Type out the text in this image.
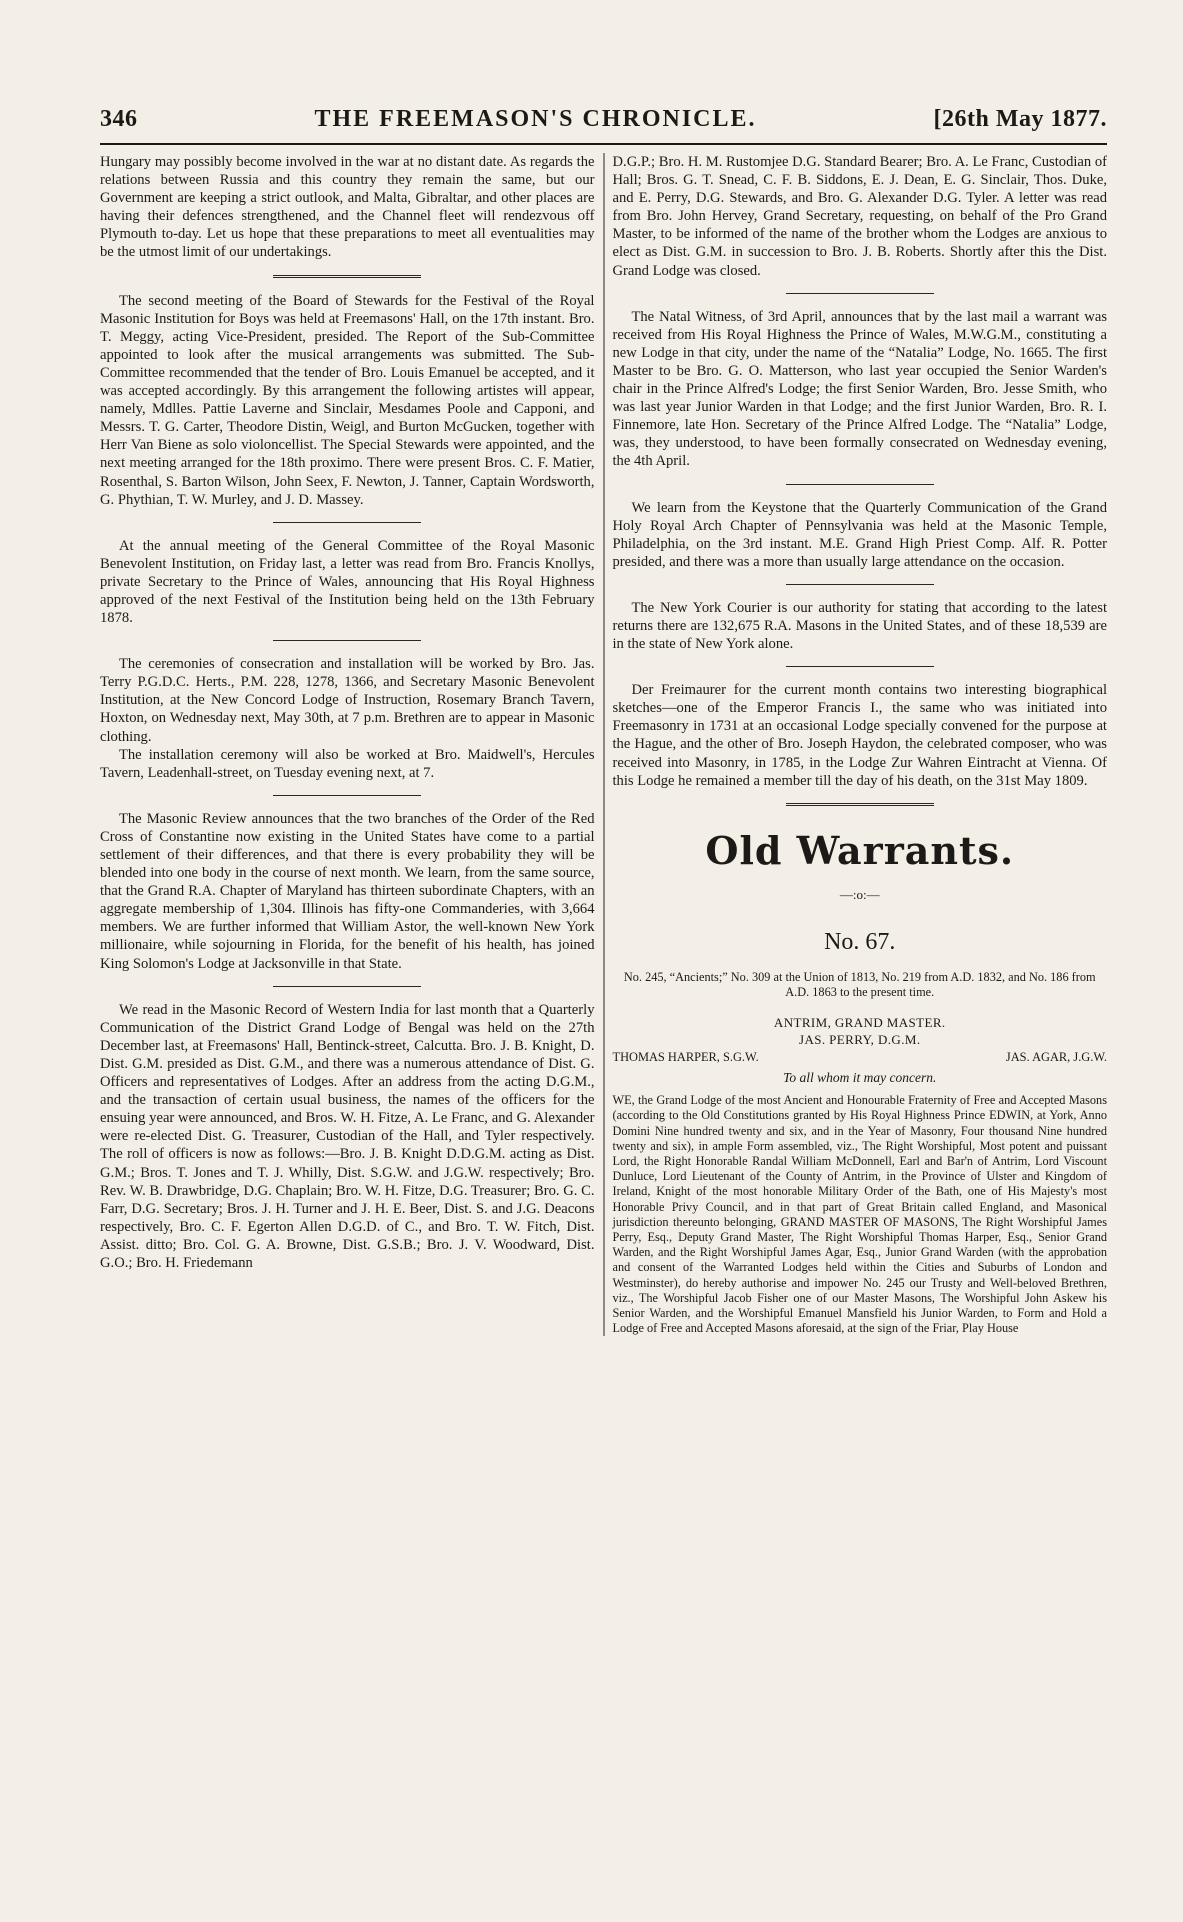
346	THE FREEMASON'S CHRONICLE.	[26th May 1877.

Hungary may possibly become involved in the war at no distant date. As regards the relations between Russia and this country they remain the same, but our Government are keeping a strict outlook, and Malta, Gibraltar, and other places are having their defences strengthened, and the Channel fleet will rendezvous off Plymouth to-day. Let us hope that these preparations to meet all eventualities may be the utmost limit of our undertakings.

The second meeting of the Board of Stewards for the Festival of the Royal Masonic Institution for Boys was held at Freemasons' Hall, on the 17th instant. Bro. T. Meggy, acting Vice-President, presided. The Report of the Sub-Committee appointed to look after the musical arrangements was submitted. The Sub-Committee recommended that the tender of Bro. Louis Emanuel be accepted, and it was accepted accordingly. By this arrangement the following artistes will appear, namely, Mdlles. Pattie Laverne and Sinclair, Mesdames Poole and Capponi, and Messrs. T. G. Carter, Theodore Distin, Weigl, and Burton McGucken, together with Herr Van Biene as solo violoncellist. The Special Stewards were appointed, and the next meeting arranged for the 18th proximo. There were present Bros. C. F. Matier, Rosenthal, S. Barton Wilson, John Seex, F. Newton, J. Tanner, Captain Wordsworth, G. Phythian, T. W. Murley, and J. D. Massey.

At the annual meeting of the General Committee of the Royal Masonic Benevolent Institution, on Friday last, a letter was read from Bro. Francis Knollys, private Secretary to the Prince of Wales, announcing that His Royal Highness approved of the next Festival of the Institution being held on the 13th February 1878.

The ceremonies of consecration and installation will be worked by Bro. Jas. Terry P.G.D.C. Herts., P.M. 228, 1278, 1366, and Secretary Masonic Benevolent Institution, at the New Concord Lodge of Instruction, Rosemary Branch Tavern, Hoxton, on Wednesday next, May 30th, at 7 p.m. Brethren are to appear in Masonic clothing.

The installation ceremony will also be worked at Bro. Maidwell's, Hercules Tavern, Leadenhall-street, on Tuesday evening next, at 7.

The Masonic Review announces that the two branches of the Order of the Red Cross of Constantine now existing in the United States have come to a partial settlement of their differences, and that there is every probability they will be blended into one body in the course of next month. We learn, from the same source, that the Grand R.A. Chapter of Maryland has thirteen subordinate Chapters, with an aggregate membership of 1,304. Illinois has fifty-one Commanderies, with 3,664 members. We are further informed that William Astor, the well-known New York millionaire, while sojourning in Florida, for the benefit of his health, has joined King Solomon's Lodge at Jacksonville in that State.

We read in the Masonic Record of Western India for last month that a Quarterly Communication of the District Grand Lodge of Bengal was held on the 27th December last, at Freemasons' Hall, Bentinck-street, Calcutta. Bro. J. B. Knight, D. Dist. G.M. presided as Dist. G.M., and there was a numerous attendance of Dist. G. Officers and representatives of Lodges. After an address from the acting D.G.M., and the transaction of certain usual business, the names of the officers for the ensuing year were announced, and Bros. W. H. Fitze, A. Le Franc, and G. Alexander were re-elected Dist. G. Treasurer, Custodian of the Hall, and Tyler respectively. The roll of officers is now as follows:—Bro. J. B. Knight D.D.G.M. acting as Dist. G.M.; Bros. T. Jones and T. J. Whilly, Dist. S.G.W. and J.G.W. respectively; Bro. Rev. W. B. Drawbridge, D.G. Chaplain; Bro. W. H. Fitze, D.G. Treasurer; Bro. G. C. Farr, D.G. Secretary; Bros. J. H. Turner and J. H. E. Beer, Dist. S. and J.G. Deacons respectively, Bro. C. F. Egerton Allen D.G.D. of C., and Bro. T. W. Fitch, Dist. Assist. ditto; Bro. Col. G. A. Browne, Dist. G.S.B.; Bro. J. V. Woodward, Dist. G.O.; Bro. H. Friedemann

D.G.P.; Bro. H. M. Rustomjee D.G. Standard Bearer; Bro. A. Le Franc, Custodian of Hall; Bros. G. T. Snead, C. F. B. Siddons, E. J. Dean, E. G. Sinclair, Thos. Duke, and E. Perry, D.G. Stewards, and Bro. G. Alexander D.G. Tyler. A letter was read from Bro. John Hervey, Grand Secretary, requesting, on behalf of the Pro Grand Master, to be informed of the name of the brother whom the Lodges are anxious to elect as Dist. G.M. in succession to Bro. J. B. Roberts. Shortly after this the Dist. Grand Lodge was closed.

The Natal Witness, of 3rd April, announces that by the last mail a warrant was received from His Royal Highness the Prince of Wales, M.W.G.M., constituting a new Lodge in that city, under the name of the “Natalia” Lodge, No. 1665. The first Master to be Bro. G. O. Matterson, who last year occupied the Senior Warden's chair in the Prince Alfred's Lodge; the first Senior Warden, Bro. Jesse Smith, who was last year Junior Warden in that Lodge; and the first Junior Warden, Bro. R. I. Finnemore, late Hon. Secretary of the Prince Alfred Lodge. The “Natalia” Lodge, was, they understood, to have been formally consecrated on Wednesday evening, the 4th April.

We learn from the Keystone that the Quarterly Communication of the Grand Holy Royal Arch Chapter of Pennsylvania was held at the Masonic Temple, Philadelphia, on the 3rd instant. M.E. Grand High Priest Comp. Alf. R. Potter presided, and there was a more than usually large attendance on the occasion.

The New York Courier is our authority for stating that according to the latest returns there are 132,675 R.A. Masons in the United States, and of these 18,539 are in the state of New York alone.

Der Freimaurer for the current month contains two interesting biographical sketches—one of the Emperor Francis I., the same who was initiated into Freemasonry in 1731 at an occasional Lodge specially convened for the purpose at the Hague, and the other of Bro. Joseph Haydon, the celebrated composer, who was received into Masonry, in 1785, in the Lodge Zur Wahren Eintracht at Vienna. Of this Lodge he remained a member till the day of his death, on the 31st May 1809.

Old Warrants.
—:o:—
No. 67.

No. 245, “Ancients;” No. 309 at the Union of 1813, No. 219 from A.D. 1832, and No. 186 from A.D. 1863 to the present time.

ANTRIM, GRAND MASTER.
JAS. PERRY, D.G.M.
THOMAS HARPER, S.G.W.	JAS. AGAR, J.G.W.
To all whom it may concern.

WE, the Grand Lodge of the most Ancient and Honourable Fraternity of Free and Accepted Masons (according to the Old Constitutions granted by His Royal Highness Prince EDWIN, at York, Anno Domini Nine hundred twenty and six, and in the Year of Masonry, Four thousand Nine hundred twenty and six), in ample Form assembled, viz., The Right Worshipful, Most potent and puissant Lord, the Right Honorable Randal William McDonnell, Earl and Bar'n of Antrim, Lord Viscount Dunluce, Lord Lieutenant of the County of Antrim, in the Province of Ulster and Kingdom of Ireland, Knight of the most honorable Military Order of the Bath, one of His Majesty's most Honorable Privy Council, and in that part of Great Britain called England, and Masonical jurisdiction thereunto belonging, GRAND MASTER OF MASONS, The Right Worshipful James Perry, Esq., Deputy Grand Master, The Right Worshipful Thomas Harper, Esq., Senior Grand Warden, and the Right Worshipful James Agar, Esq., Junior Grand Warden (with the approbation and consent of the Warranted Lodges held within the Cities and Suburbs of London and Westminster), do hereby authorise and impower No. 245 our Trusty and Well-beloved Brethren, viz., The Worshipful Jacob Fisher one of our Master Masons, The Worshipful John Askew his Senior Warden, and the Worshipful Emanuel Mansfield his Junior Warden, to Form and Hold a Lodge of Free and Accepted Masons aforesaid, at the sign of the Friar, Play House
